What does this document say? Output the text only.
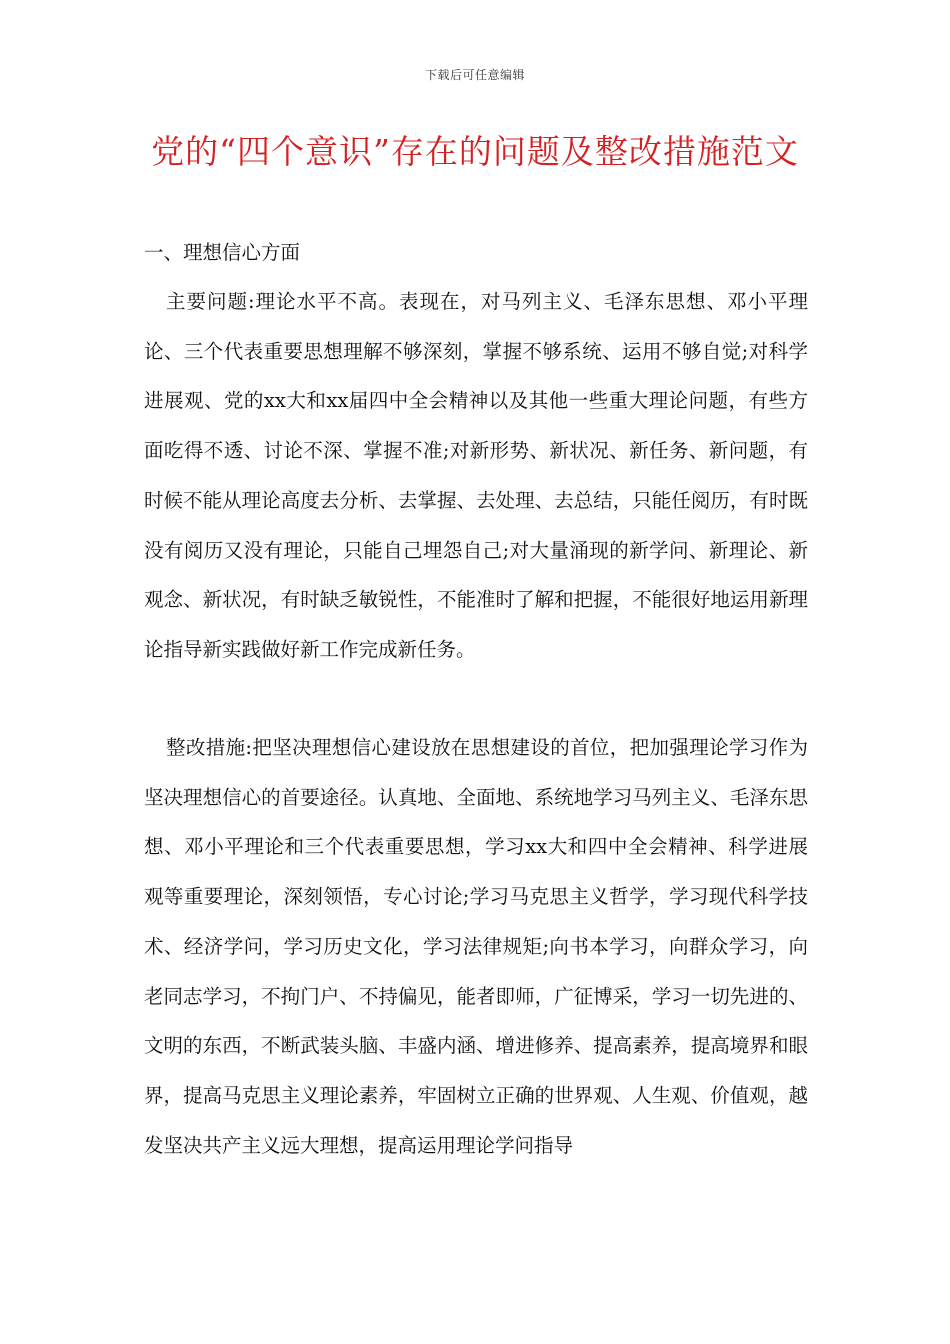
下载后可任意编辑
党的“四个意识”存在的问题及整改措施范文

一、理想信心方面

主要问题:理论水平不高。表现在，对马列主义、毛泽东思想、邓小平理论、三个代表重要思想理解不够深刻，掌握不够系统、运用不够自觉;对科学进展观、党的xx大和xx届四中全会精神以及其他一些重大理论问题，有些方面吃得不透、讨论不深、掌握不准;对新形势、新状况、新任务、新问题，有时候不能从理论高度去分析、去掌握、去处理、去总结，只能任阅历，有时既没有阅历又没有理论，只能自己埋怨自己;对大量涌现的新学问、新理论、新观念、新状况，有时缺乏敏锐性，不能准时了解和把握，不能很好地运用新理论指导新实践做好新工作完成新任务。

整改措施:把坚决理想信心建设放在思想建设的首位，把加强理论学习作为坚决理想信心的首要途径。认真地、全面地、系统地学习马列主义、毛泽东思想、邓小平理论和三个代表重要思想，学习xx大和四中全会精神、科学进展观等重要理论，深刻领悟，专心讨论;学习马克思主义哲学，学习现代科学技术、经济学问，学习历史文化，学习法律规矩;向书本学习，向群众学习，向老同志学习，不拘门户、不持偏见，能者即师，广征博采，学习一切先进的、文明的东西，不断武装头脑、丰盛内涵、增进修养、提高素养，提高境界和眼界，提高马克思主义理论素养，牢固树立正确的世界观、人生观、价值观，越发坚决共产主义远大理想，提高运用理论学问指导
